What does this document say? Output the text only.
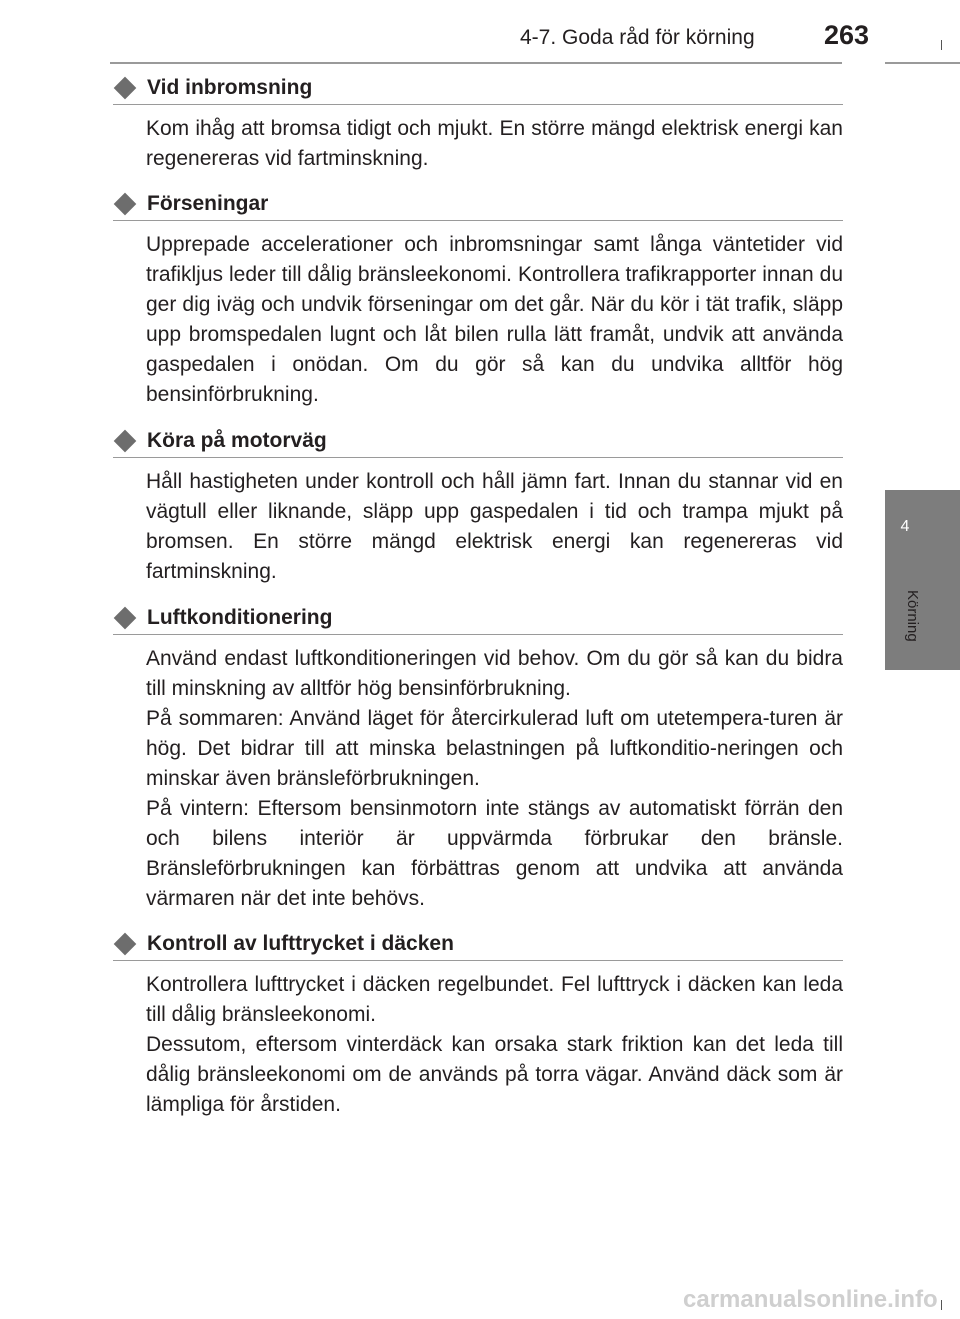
4-7. Goda råd för körning	263
4
Körning
Vid inbromsning
Kom ihåg att bromsa tidigt och mjukt. En större mängd elektrisk energi kan regenereras vid fartminskning.
Förseningar
Upprepade accelerationer och inbromsningar samt långa väntetider vid trafikljus leder till dålig bränsleekonomi. Kontrollera trafikrapporter innan du ger dig iväg och undvik förseningar om det går. När du kör i tät trafik, släpp upp bromspedalen lugnt och låt bilen rulla lätt framåt, undvik att använda gaspedalen i onödan. Om du gör så kan du undvika alltför hög bensinförbrukning.
Köra på motorväg
Håll hastigheten under kontroll och håll jämn fart. Innan du stannar vid en vägtull eller liknande, släpp upp gaspedalen i tid och trampa mjukt på bromsen. En större mängd elektrisk energi kan regenereras vid fartminskning.
Luftkonditionering
Använd endast luftkonditioneringen vid behov. Om du gör så kan du bidra till minskning av alltför hög bensinförbrukning.
På sommaren: Använd läget för återcirkulerad luft om utetempera-turen är hög. Det bidrar till att minska belastningen på luftkonditio-neringen och minskar även bränsleförbrukningen.
På vintern: Eftersom bensinmotorn inte stängs av automatiskt förrän den och bilens interiör är uppvärmda förbrukar den bränsle. Bränsleförbrukningen kan förbättras genom att undvika att använda värmaren när det inte behövs.
Kontroll av lufttrycket i däcken
Kontrollera lufttrycket i däcken regelbundet. Fel lufttryck i däcken kan leda till dålig bränsleekonomi.
Dessutom, eftersom vinterdäck kan orsaka stark friktion kan det leda till dålig bränsleekonomi om de används på torra vägar. Använd däck som är lämpliga för årstiden.
carmanualsonline.info
